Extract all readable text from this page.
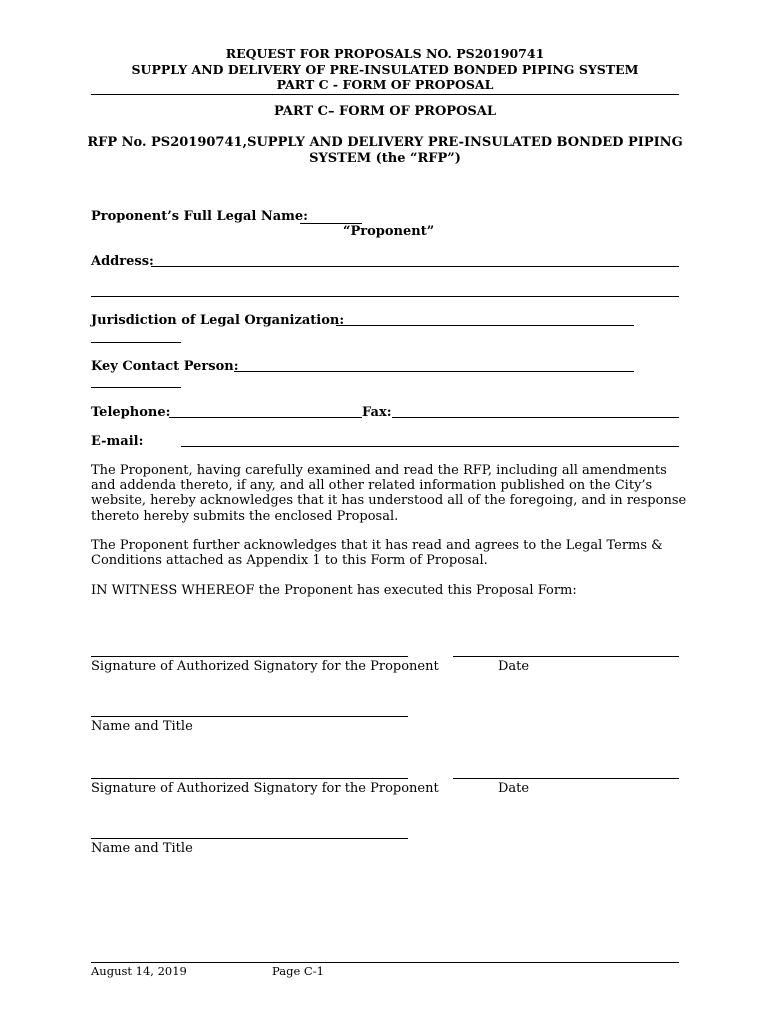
REQUEST FOR PROPOSALS NO. PS20190741
SUPPLY AND DELIVERY OF PRE-INSULATED BONDED PIPING SYSTEM
PART C - FORM OF PROPOSAL
PART C– FORM OF PROPOSAL
RFP No. PS20190741,SUPPLY AND DELIVERY PRE-INSULATED BONDED PIPING
SYSTEM (the “RFP”)
Proponent’s Full Legal Name:
“Proponent”
Address:
Jurisdiction of Legal Organization:
Key Contact Person:
Telephone:	Fax:
E-mail:
The Proponent, having carefully examined and read the RFP, including all amendments and addenda thereto, if any, and all other related information published on the City’s website, hereby acknowledges that it has understood all of the foregoing, and in response thereto hereby submits the enclosed Proposal.
The Proponent further acknowledges that it has read and agrees to the Legal Terms & Conditions attached as Appendix 1 to this Form of Proposal.
IN WITNESS WHEREOF the Proponent has executed this Proposal Form:
Signature of Authorized Signatory for the Proponent	Date
Name and Title
Signature of Authorized Signatory for the Proponent	Date
Name and Title
August 14, 2019	Page C-1
